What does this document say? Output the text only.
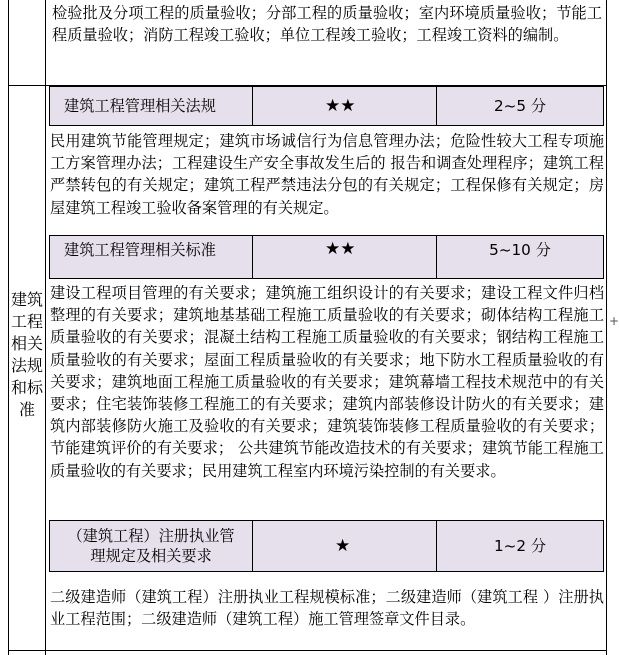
检验批及分项工程的质量验收；分部工程的质量验收；室内环境质量验收；节能工程质量验收；消防工程竣工验收；单位工程竣工验收；工程竣工资料的编制。
建筑工程相关法规和标准
建筑工程管理相关法规	★★	2~5 分
民用建筑节能管理规定；建筑市场诚信行为信息管理办法；危险性较大工程专项施工方案管理办法；工程建设生产安全事故发生后的 报告和调查处理程序；建筑工程严禁转包的有关规定；建筑工程严禁违法分包的有关规定；工程保修有关规定；房屋建筑工程竣工验收备案管理的有关规定。
建筑工程管理相关标准	★★	5~10 分
建设工程项目管理的有关要求；建筑施工组织设计的有关要求；建设工程文件归档整理的有关要求；建筑地基基础工程施工质量验收的有关要求；砌体结构工程施工质量验收的有关要求；混凝土结构工程施工质量验收的有关要求；钢结构工程施工质量验收的有关要求；屋面工程质量验收的有关要求；地下防水工程质量验收的有关要求；建筑地面工程施工质量验收的有关要求；建筑幕墙工程技术规范中的有关要求；住宅装饰装修工程施工的有关要求；建筑内部装修设计防火的有关要求；建筑内部装修防火施工及验收的有关要求；建筑装饰装修工程质量验收的有关要求；节能建筑评价的有关要求； 公共建筑节能改造技术的有关要求；建筑节能工程施工质量验收的有关要求；民用建筑工程室内环境污染控制的有关要求。
（建筑工程）注册执业管理规定及相关要求	★	1~2 分
二级建造师（建筑工程）注册执业工程规模标准；二级建造师（建筑工程 ）注册执业工程范围；二级建造师（建筑工程）施工管理签章文件目录。
+
